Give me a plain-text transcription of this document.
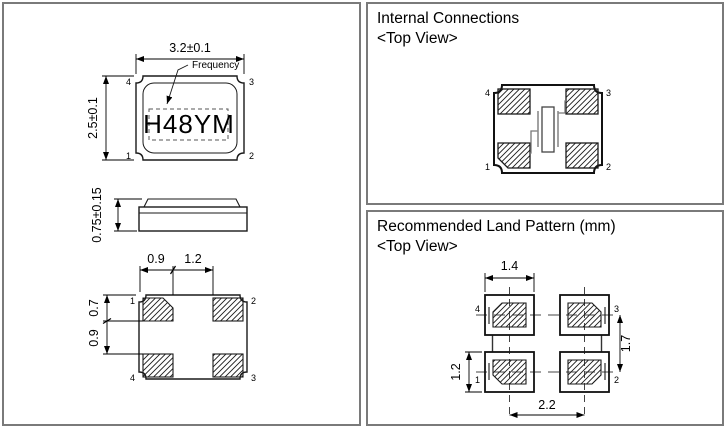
3.2±0.1
2.5±0.1
4	3
1	2
Frequency
H48YM
0.75±0.15
0.9 1.2
0.7
0.9
1	2
4	3
Internal Connections
<Top View>
4	3
1	2
Recommended Land Pattern (mm)
<Top View>
1.4
1.2
1.7
2.2
4	3
1	2
